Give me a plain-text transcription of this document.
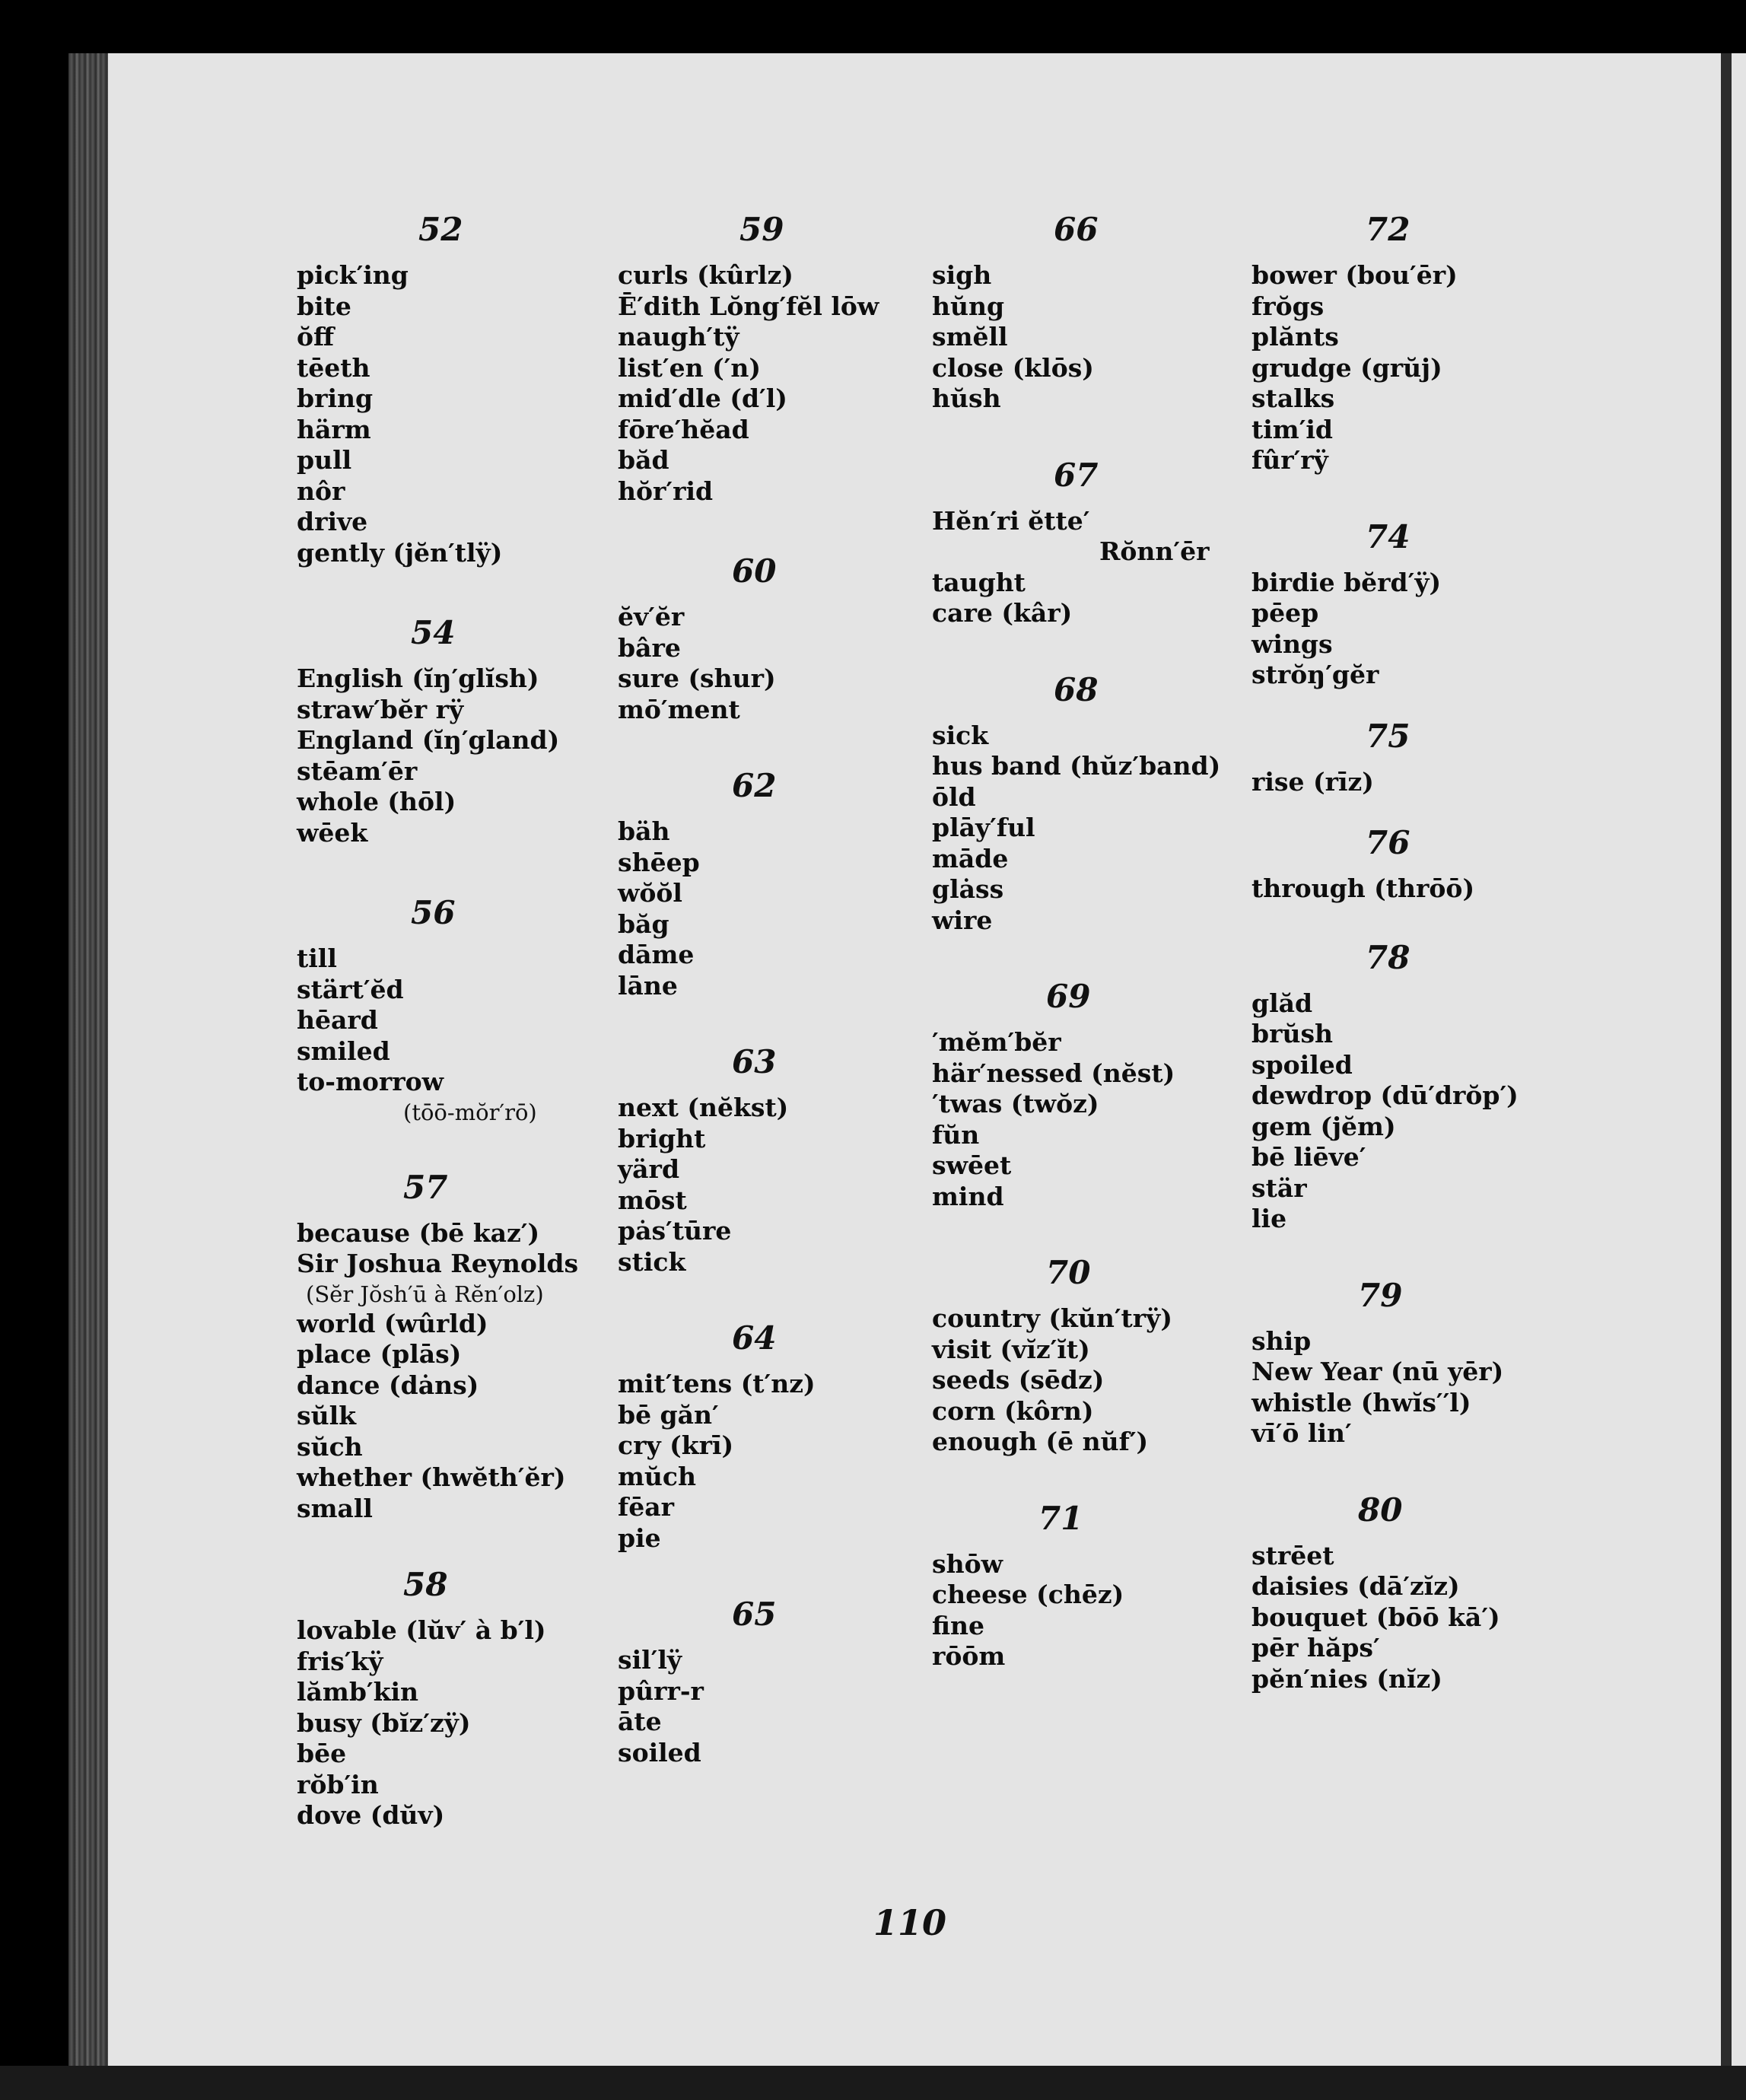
52
pick′ing
bite
ŏff
tēeth
bring
härm
pull
nôr
drive
gently (jĕn′tlÿ)
54
English (ĭŋ′glĭsh)
straw′bĕr rÿ
England (ĭŋ′gland)
stēam′ēr
whole (hōl)
wēek
56
till
stärt′ĕd
hēard
smiled
to-morrow
(tōō-mŏr′rō)
57
because (bē kaz′)
Sir Joshua Reynolds
(Sĕr Jŏsh′ū à Rĕn′olz)
world (wûrld)
place (plās)
dance (dȧns)
sŭlk
sŭch
whether (hwĕth′ĕr)
small
58
lovable (lŭv′ à b′l)
fris′kÿ
lămb′kin
busy (bĭz′zÿ)
bēe
rŏb′in
dove (dŭv)
59
curls (kûrlz)
Ē′dith Lŏng′fĕl lōw
naugh′tÿ
list′en (′n)
mid′dle (d′l)
fōre′hĕad
băd
hŏr′rid
60
ĕv′ĕr
bâre
sure (shur)
mō′ment
62
bäh
shēep
wŏŏl
băg
dāme
lāne
63
next (nĕkst)
bright
yärd
mōst
pȧs′tūre
stick
64
mit′tens (t′nz)
bē găn′
cry (krī)
mŭch
fēar
pie
65
sil′lÿ
pûrr-r
āte
soiled
66
sigh
hŭng
smĕll
close (klōs)
hŭsh
67
Hĕn′ri ĕtte′
Rŏnn′ēr
taught
care (kâr)
68
sick
hus band (hŭz′band)
ōld
plāy′ful
māde
glȧss
wire
69
′mĕm′bĕr
här′nessed (nĕst)
′twas (twŏz)
fŭn
swēet
mind
70
country (kŭn′trÿ)
visit (vĭz′ĭt)
seeds (sēdz)
corn (kôrn)
enough (ē nŭf′)
71
shōw
cheese (chēz)
fine
rōōm
72
bower (bou′ēr)
frŏgs
plănts
grudge (grŭj)
stalks
tim′id
fûr′rÿ
74
birdie bĕrd′ÿ)
pēep
wings
strŏŋ′gĕr
75
rise (rīz)
76
through (thrōō)
78
glăd
brŭsh
spoiled
dewdrop (dū′drŏp′)
gem (jĕm)
bē liēve′
stär
lie
79
ship
New Year (nū yēr)
whistle (hwĭs′′l)
vī′ō lin′
80
strēet
daisies (dā′zĭz)
bouquet (bōō kā′)
pēr hăps′
pĕn′nies (nĭz)
110
